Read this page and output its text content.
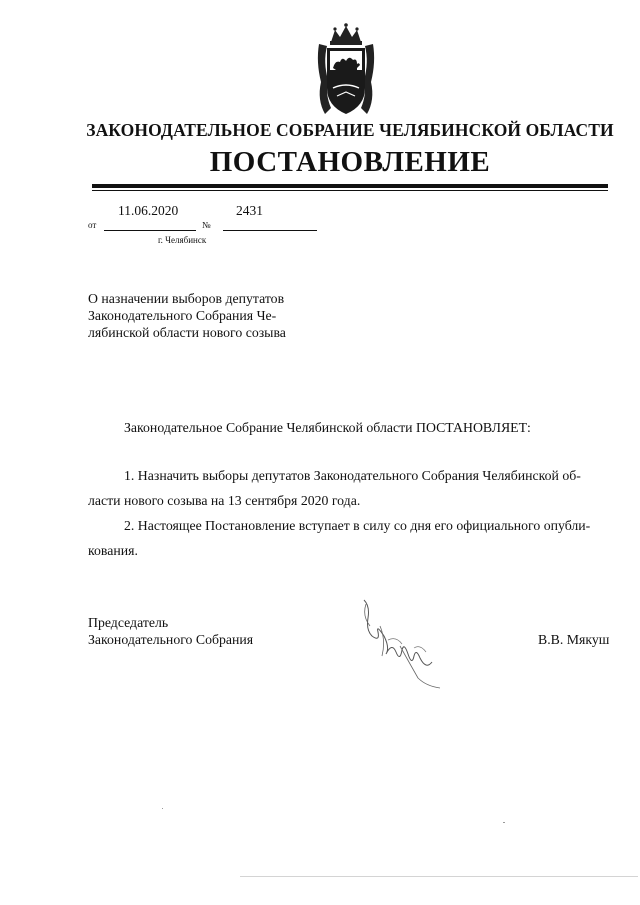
ЗАКОНОДАТЕЛЬНОЕ СОБРАНИЕ ЧЕЛЯБИНСКОЙ ОБЛАСТИ
ПОСТАНОВЛЕНИЕ
11.06.2020	2431
от	№
г. Челябинск
О назначении выборов депутатов
Законодательного Собрания Че-
лябинской области нового созыва
Законодательное Собрание Челябинской области ПОСТАНОВЛЯЕТ:
1. Назначить выборы депутатов Законодательного Собрания Челябинской об-
ласти нового созыва на 13 сентября 2020 года.
2. Настоящее Постановление вступает в силу со дня его официального опубли-
кования.
Председатель
Законодательного Собрания	В.В. Мякуш
